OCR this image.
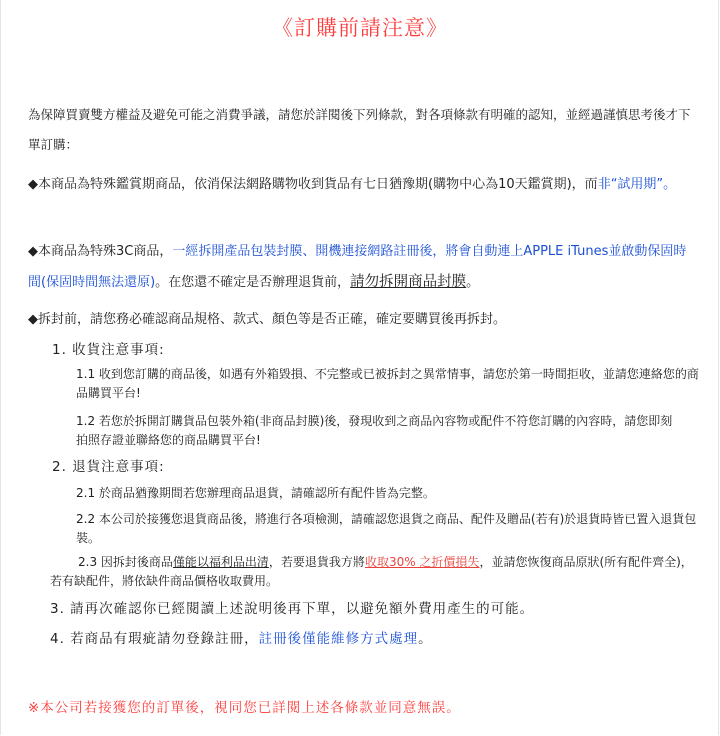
《訂購前請注意》
為保障買賣雙方權益及避免可能之消費爭議，請您於詳閱後下列條款，對各項條款有明確的認知，並經過謹慎思考後才下單訂購：
◆本商品為特殊鑑賞期商品，依消保法網路購物收到貨品有七日猶豫期(購物中心為10天鑑賞期)，而非“試用期”。
◆本商品為特殊3C商品，一經拆開產品包裝封膜、開機連接網路註冊後，將會自動連上APPLE iTunes並啟動保固時間(保固時間無法還原)。在您還不確定是否辦理退貨前，請勿拆開商品封膜。
◆拆封前，請您務必確認商品規格、款式、顏色等是否正確，確定要購買後再拆封。
1. 收貨注意事項:
1.1 收到您訂購的商品後，如遇有外箱毀損、不完整或已被拆封之異常情事，請您於第一時間拒收，並請您連絡您的商品購買平台!
1.2 若您於拆開訂購貨品包裝外箱(非商品封膜)後，發現收到之商品內容物或配件不符您訂購的內容時，請您即刻拍照存證並聯絡您的商品購買平台!
2. 退貨注意事項:
2.1 於商品猶豫期間若您辦理商品退貨，請確認所有配件皆為完整。
2.2 本公司於接獲您退貨商品後，將進行各項檢測，請確認您退貨之商品、配件及贈品(若有)於退貨時皆已置入退貨包裝。
2.3 因拆封後商品僅能以福利品出清，若要退貨我方將收取30% 之折價損失，並請您恢復商品原狀(所有配件齊全)，若有缺配件，將依缺件商品價格收取費用。
3. 請再次確認你已經閱讀上述說明後再下單，以避免額外費用產生的可能。
4. 若商品有瑕疵請勿登錄註冊，註冊後僅能維修方式處理。
※本公司若接獲您的訂單後，視同您已詳閱上述各條款並同意無誤。
